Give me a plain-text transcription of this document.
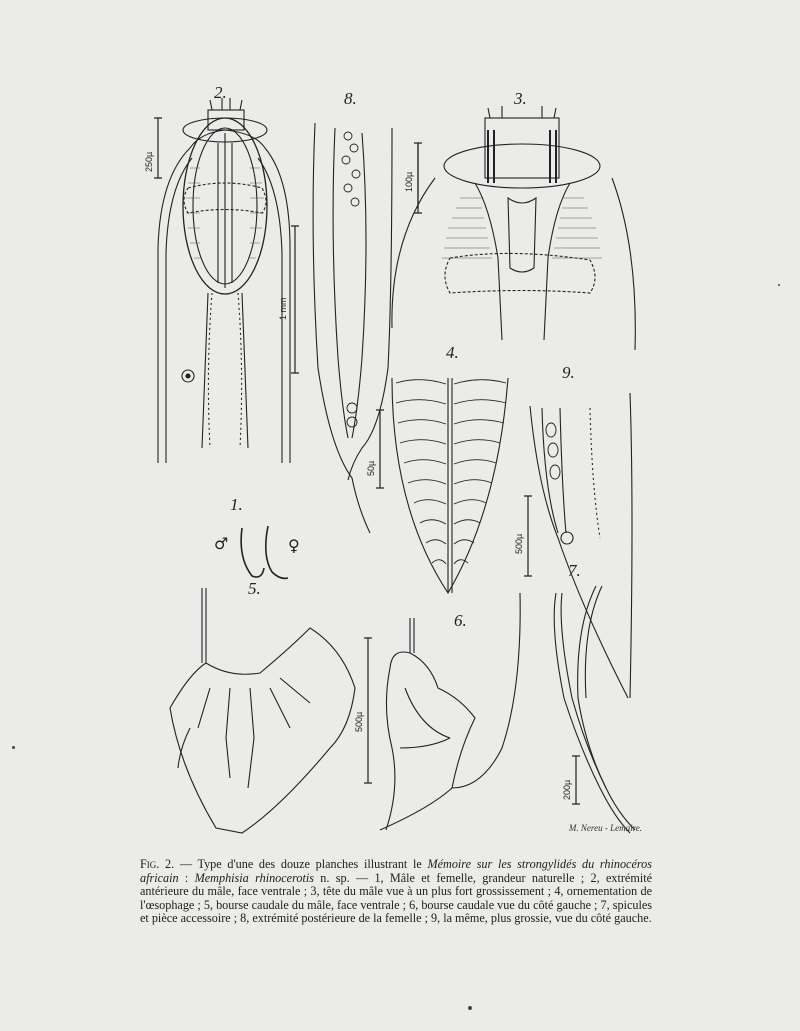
2.	8.	3.
4.
9.
1.
5.
6.
7.
250µ
1 mm
100µ
50µ
500µ
500µ
200µ
♂	♀
M. Nereu - Lemaire.
Fig. 2. — Type d'une des douze planches illustrant le Mémoire sur les strongylidés du rhinocéros africain : Memphisia rhinocerotis n. sp. — 1, Mâle et femelle, grandeur naturelle ; 2, extrémité antérieure du mâle, face ventrale ; 3, tête du mâle vue à un plus fort grossissement ; 4, ornementation de l'œsophage ; 5, bourse caudale du mâle, face ventrale ; 6, bourse caudale vue du côté gauche ; 7, spicules et pièce accessoire ; 8, extrémité postérieure de la femelle ; 9, la même, plus grossie, vue du côté gauche.
